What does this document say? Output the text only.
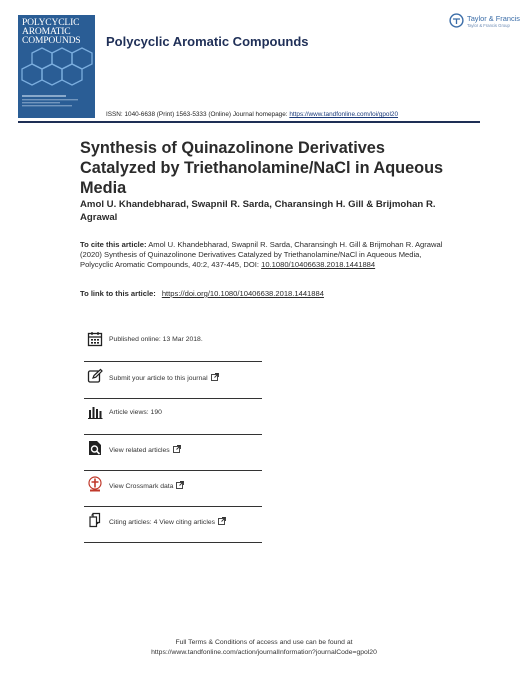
POLYCYCLIC
AROMATIC
COMPOUNDS	Polycyclic Aromatic Compounds
Taylor & Francis
Taylor & Francis Group
ISSN: 1040-6638 (Print) 1563-5333 (Online) Journal homepage: https://www.tandfonline.com/loi/gpol20
Synthesis of Quinazolinone Derivatives Catalyzed by Triethanolamine/NaCl in Aqueous Media
Amol U. Khandebharad, Swapnil R. Sarda, Charansingh H. Gill & Brijmohan R. Agrawal
To cite this article: Amol U. Khandebharad, Swapnil R. Sarda, Charansingh H. Gill & Brijmohan R. Agrawal (2020) Synthesis of Quinazolinone Derivatives Catalyzed by Triethanolamine/NaCl in Aqueous Media, Polycyclic Aromatic Compounds, 40:2, 437-445, DOI: 10.1080/10406638.2018.1441884
To link to this article: https://doi.org/10.1080/10406638.2018.1441884
Published online: 13 Mar 2018.
Submit your article to this journal
Article views: 190
View related articles
View Crossmark data
Citing articles: 4 View citing articles
Full Terms & Conditions of access and use can be found at
https://www.tandfonline.com/action/journalInformation?journalCode=gpol20
